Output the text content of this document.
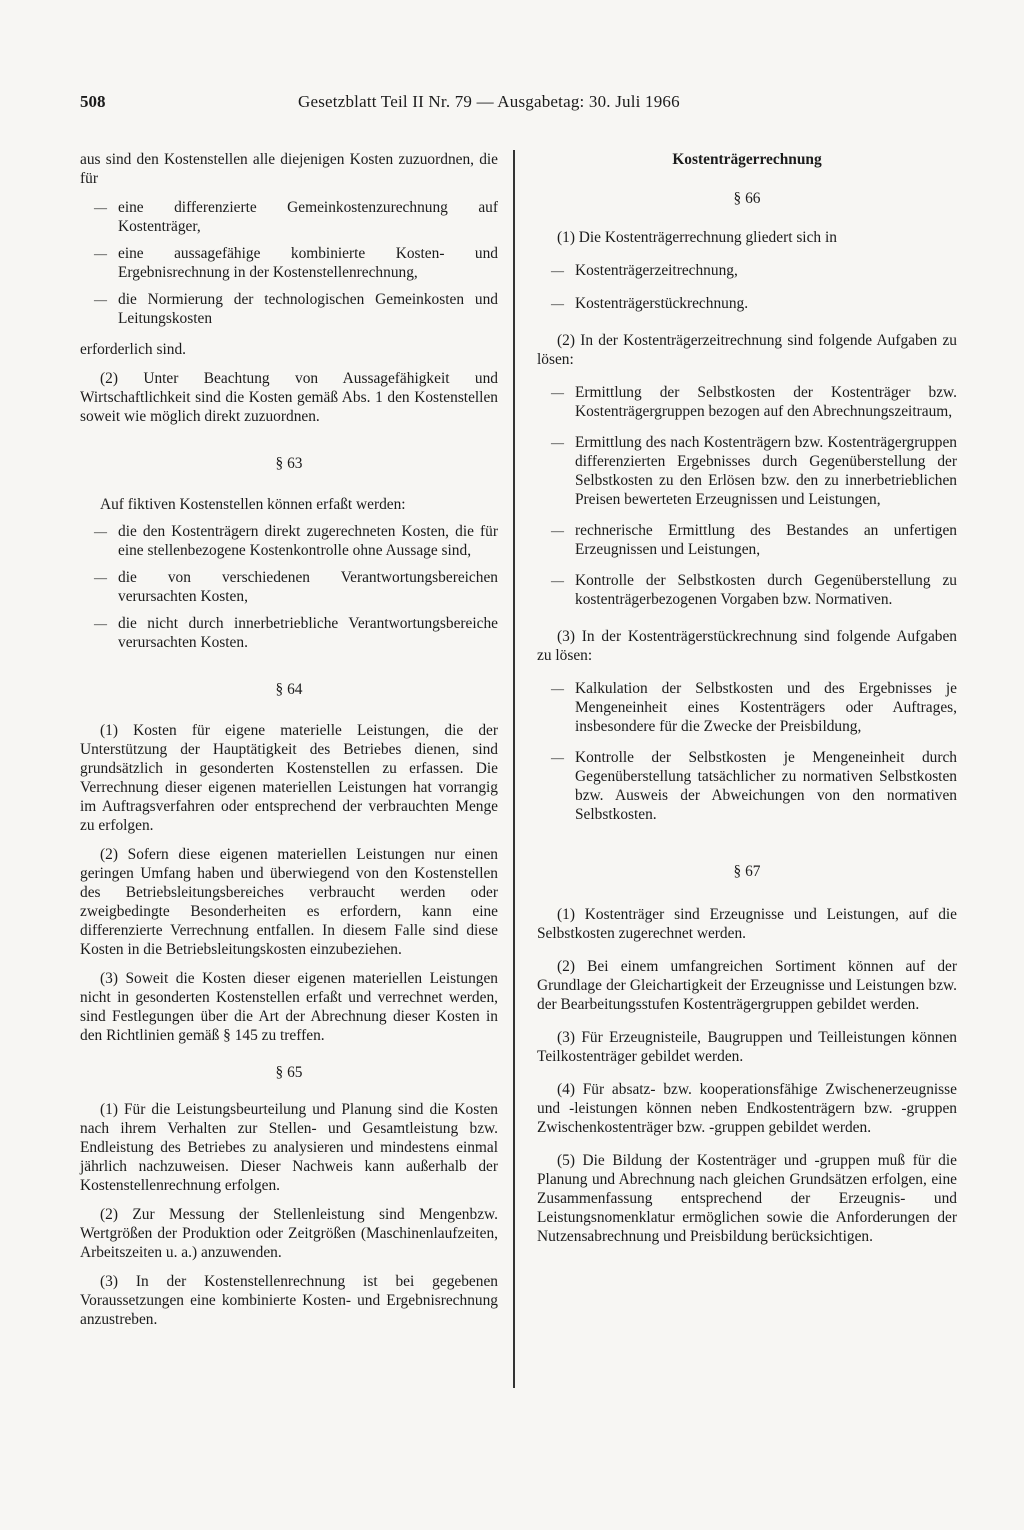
508	Gesetzblatt Teil II Nr. 79 — Ausgabetag: 30. Juli 1966

aus sind den Kostenstellen alle diejenigen Kosten zuzuordnen, die für

— eine differenzierte Gemeinkostenzurechnung auf Kostenträger,
— eine aussagefähige kombinierte Kosten- und Ergebnisrechnung in der Kostenstellenrechnung,
— die Normierung der technologischen Gemeinkosten und Leitungskosten

erforderlich sind.

(2) Unter Beachtung von Aussagefähigkeit und Wirtschaftlichkeit sind die Kosten gemäß Abs. 1 den Kostenstellen soweit wie möglich direkt zuzuordnen.

§ 63

Auf fiktiven Kostenstellen können erfaßt werden:

— die den Kostenträgern direkt zugerechneten Kosten, die für eine stellenbezogene Kostenkontrolle ohne Aussage sind,
— die von verschiedenen Verantwortungsbereichen verursachten Kosten,
— die nicht durch innerbetriebliche Verantwortungsbereiche verursachten Kosten.

§ 64

(1) Kosten für eigene materielle Leistungen, die der Unterstützung der Hauptätigkeit des Betriebes dienen, sind grundsätzlich in gesonderten Kostenstellen zu erfassen. Die Verrechnung dieser eigenen materiellen Leistungen hat vorrangig im Auftragsverfahren oder entsprechend der verbrauchten Menge zu erfolgen.

(2) Sofern diese eigenen materiellen Leistungen nur einen geringen Umfang haben und überwiegend von den Kostenstellen des Betriebsleitungsbereiches verbraucht werden oder zweigbedingte Besonderheiten es erfordern, kann eine differenzierte Verrechnung entfallen. In diesem Falle sind diese Kosten in die Betriebsleitungskosten einzubeziehen.

(3) Soweit die Kosten dieser eigenen materiellen Leistungen nicht in gesonderten Kostenstellen erfaßt und verrechnet werden, sind Festlegungen über die Art der Abrechnung dieser Kosten in den Richtlinien gemäß § 145 zu treffen.

§ 65

(1) Für die Leistungsbeurteilung und Planung sind die Kosten nach ihrem Verhalten zur Stellen- und Gesamtleistung bzw. Endleistung des Betriebes zu analysieren und mindestens einmal jährlich nachzuweisen. Dieser Nachweis kann außerhalb der Kostenstellenrechnung erfolgen.

(2) Zur Messung der Stellenleistung sind Mengenbzw. Wertgrößen der Produktion oder Zeitgrößen (Maschinenlaufzeiten, Arbeitszeiten u. a.) anzuwenden.

(3) In der Kostenstellenrechnung ist bei gegebenen Voraussetzungen eine kombinierte Kosten- und Ergebnisrechnung anzustreben.

Kostenträgerrechnung

§ 66

(1) Die Kostenträgerrechnung gliedert sich in

— Kostenträgerzeitrechnung,
— Kostenträgerstückrechnung.

(2) In der Kostenträgerzeitrechnung sind folgende Aufgaben zu lösen:

— Ermittlung der Selbstkosten der Kostenträger bzw. Kostenträgergruppen bezogen auf den Abrechnungszeitraum,
— Ermittlung des nach Kostenträgern bzw. Kostenträgergruppen differenzierten Ergebnisses durch Gegenüberstellung der Selbstkosten zu den Erlösen bzw. den zu innerbetrieblichen Preisen bewerteten Erzeugnissen und Leistungen,
— rechnerische Ermittlung des Bestandes an unfertigen Erzeugnissen und Leistungen,
— Kontrolle der Selbstkosten durch Gegenüberstellung zu kostenträgerbezogenen Vorgaben bzw. Normativen.

(3) In der Kostenträgerstückrechnung sind folgende Aufgaben zu lösen:

— Kalkulation der Selbstkosten und des Ergebnisses je Mengeneinheit eines Kostenträgers oder Auftrages, insbesondere für die Zwecke der Preisbildung,
— Kontrolle der Selbstkosten je Mengeneinheit durch Gegenüberstellung tatsächlicher zu normativen Selbstkosten bzw. Ausweis der Abweichungen von den normativen Selbstkosten.

§ 67

(1) Kostenträger sind Erzeugnisse und Leistungen, auf die Selbstkosten zugerechnet werden.

(2) Bei einem umfangreichen Sortiment können auf der Grundlage der Gleichartigkeit der Erzeugnisse und Leistungen bzw. der Bearbeitungsstufen Kostenträgergruppen gebildet werden.

(3) Für Erzeugnisteile, Baugruppen und Teilleistungen können Teilkostenträger gebildet werden.

(4) Für absatz- bzw. kooperationsfähige Zwischenerzeugnisse und -leistungen können neben Endkostenträgern bzw. -gruppen Zwischenkostenträger bzw. -gruppen gebildet werden.

(5) Die Bildung der Kostenträger und -gruppen muß für die Planung und Abrechnung nach gleichen Grundsätzen erfolgen, eine Zusammenfassung entsprechend der Erzeugnis- und Leistungsnomenklatur ermöglichen sowie die Anforderungen der Nutzensabrechnung und Preisbildung berücksichtigen.
